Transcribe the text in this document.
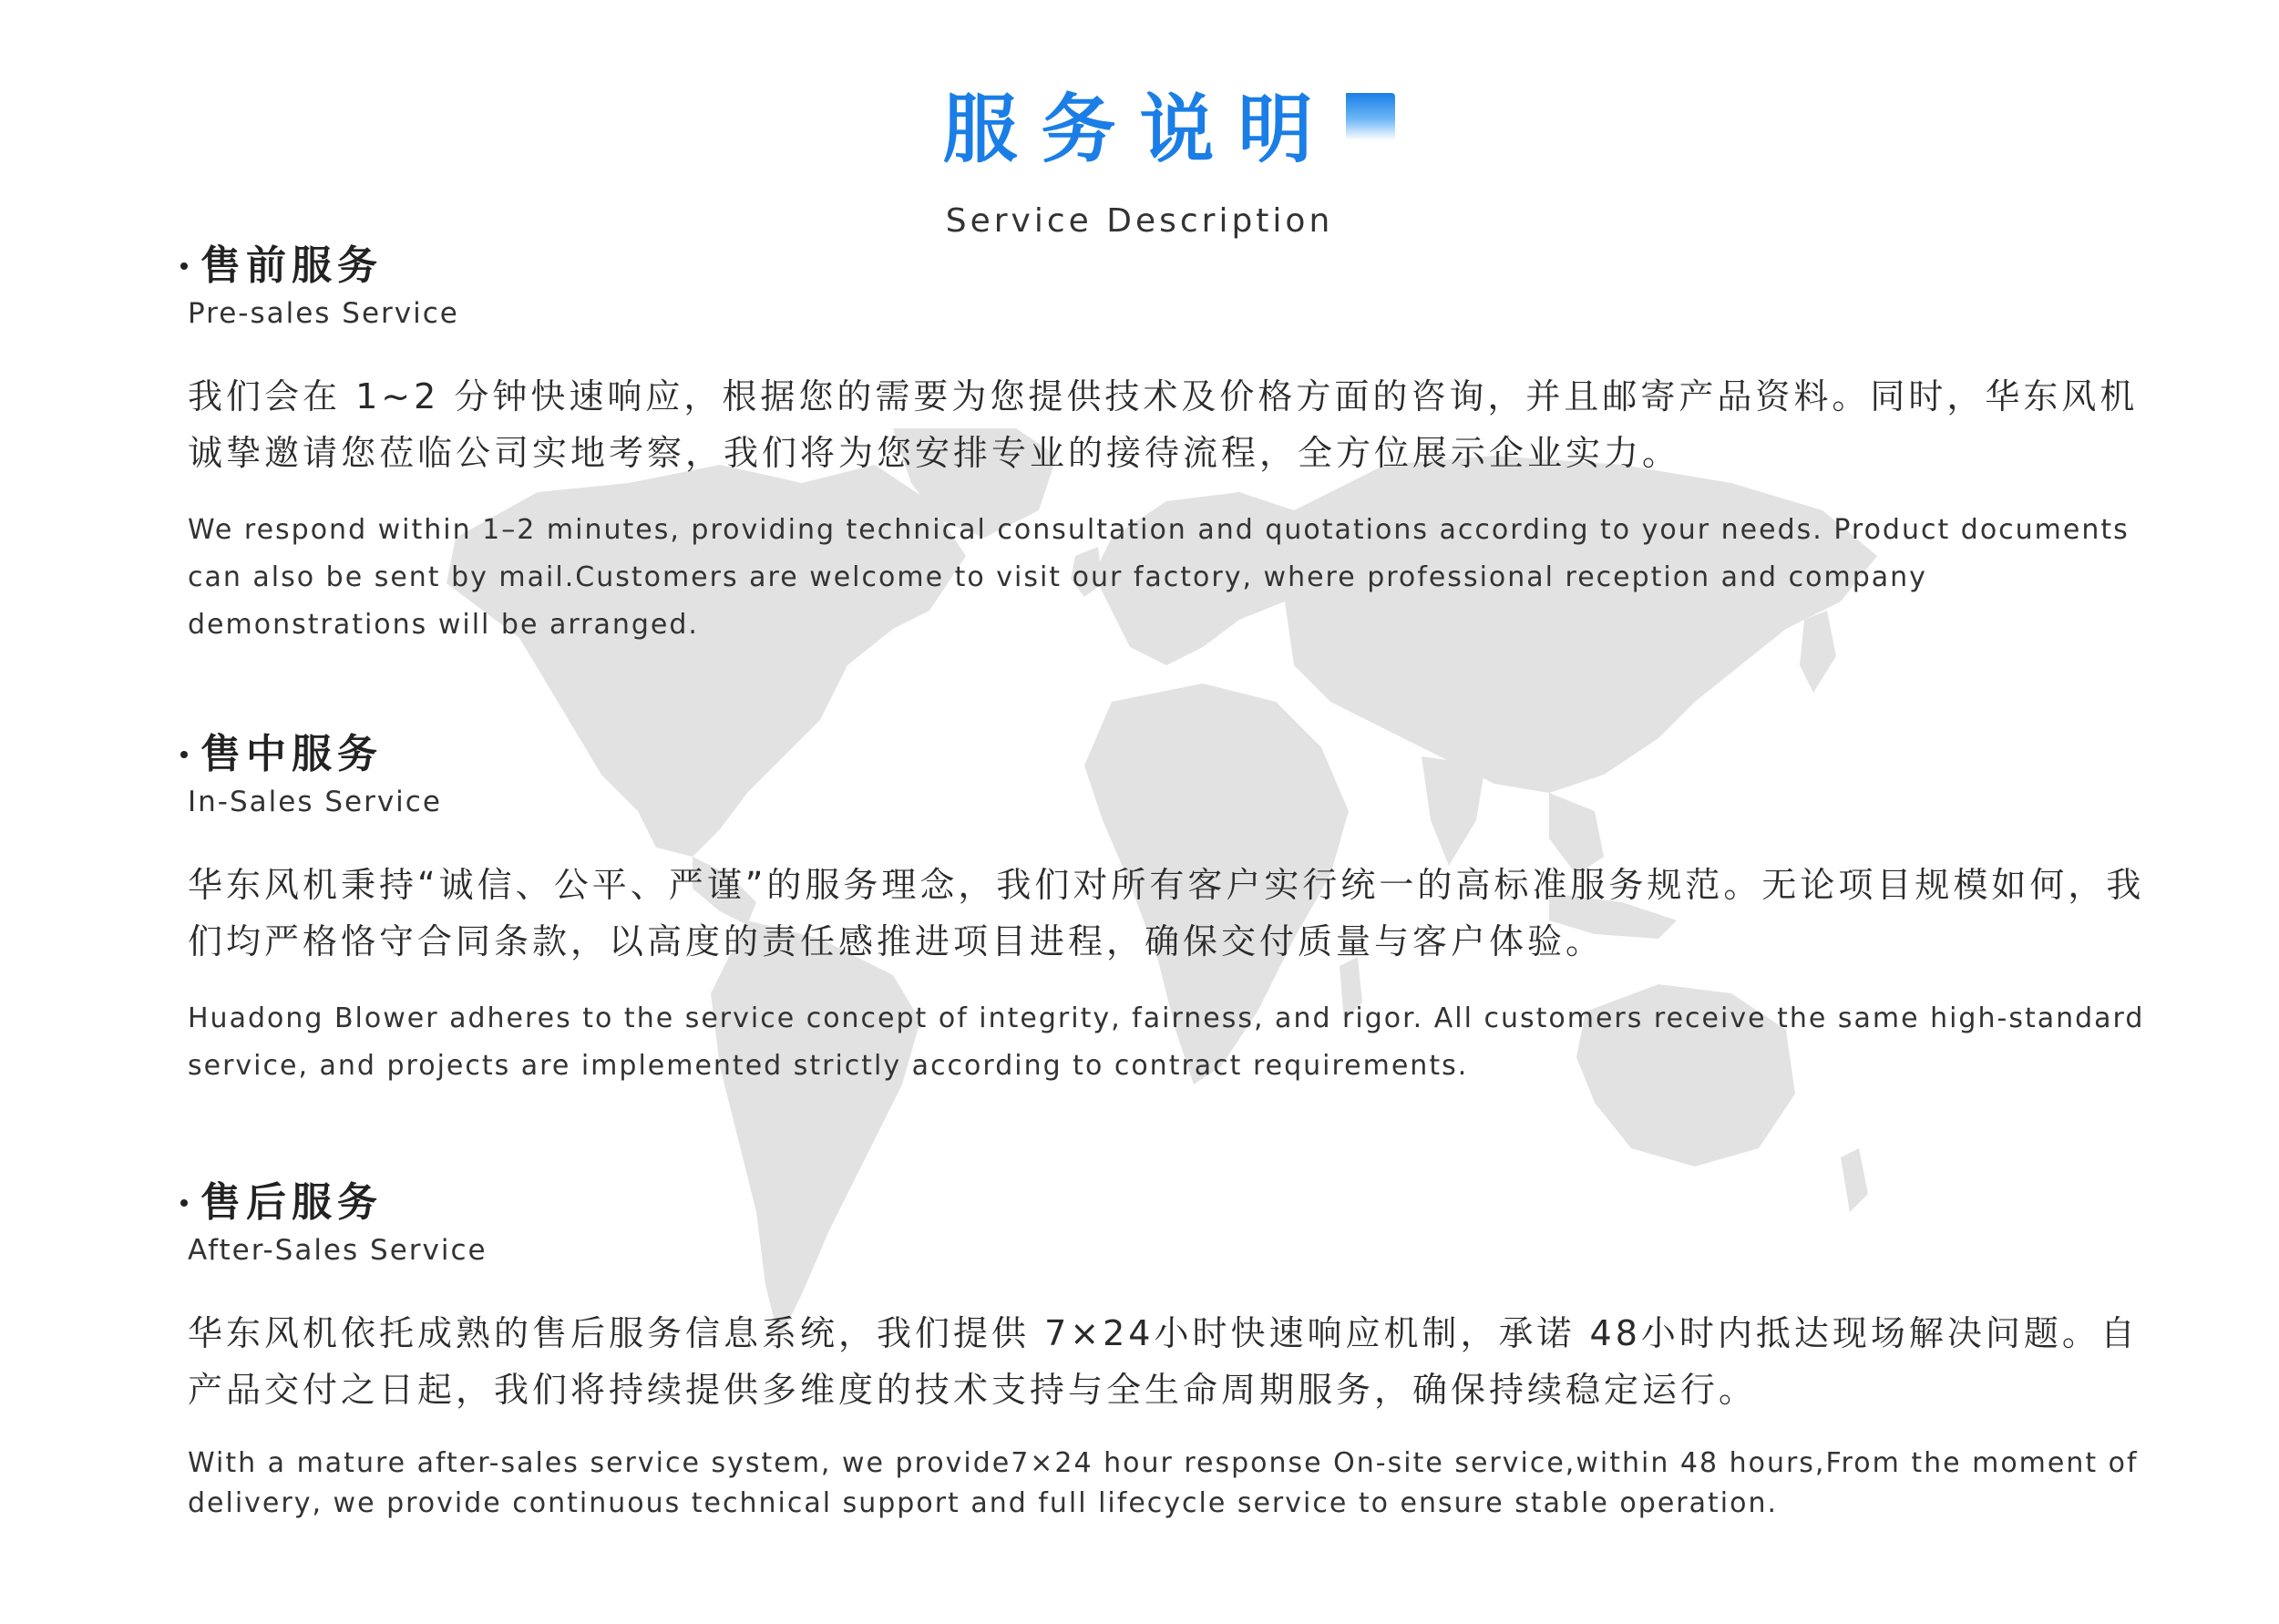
服务说明
Service Description
售前服务
Pre-sales Service
我们会在 1~2 分钟快速响应，根据您的需要为您提供技术及价格方面的咨询，并且邮寄产品资料。同时，华东风机诚挚邀请您莅临公司实地考察，我们将为您安排专业的接待流程，全方位展示企业实力。
We respond within 1–2 minutes, providing technical consultation and quotations according to your needs. Product documents can also be sent by mail.Customers are welcome to visit our factory, where professional reception and company demonstrations will be arranged.
售中服务
In-Sales Service
华东风机秉持“诚信、公平、严谨”的服务理念，我们对所有客户实行统一的高标准服务规范。无论项目规模如何，我们均严格恪守合同条款，以高度的责任感推进项目进程，确保交付质量与客户体验。
Huadong Blower adheres to the service concept of integrity, fairness, and rigor. All customers receive the same high-standard service, and projects are implemented strictly according to contract requirements.
售后服务
After-Sales Service
华东风机依托成熟的售后服务信息系统，我们提供 7×24小时快速响应机制，承诺 48小时内抵达现场解决问题。自产品交付之日起，我们将持续提供多维度的技术支持与全生命周期服务，确保持续稳定运行。
With a mature after-sales service system, we provide7×24 hour response On-site service,within 48 hours,From the moment of delivery, we provide continuous technical support and full lifecycle service to ensure stable operation.
